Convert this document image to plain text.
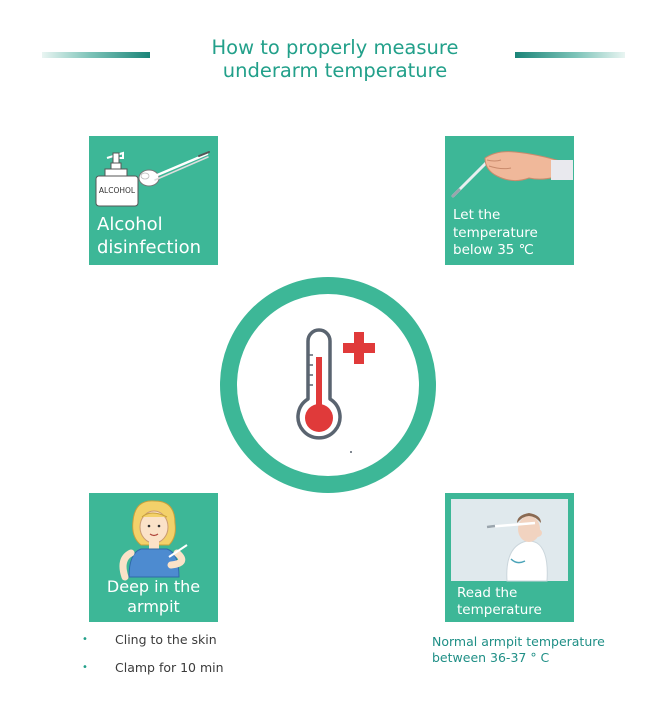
How to properly measure
underarm temperature
ALCOHOL
Alcohol
disinfection
Let the
temperature
below 35 ℃
Deep in the
armpit
Read the
temperature
• Cling to the skin
• Clamp for 10 min
Normal armpit temperature
between 36-37 ° C
